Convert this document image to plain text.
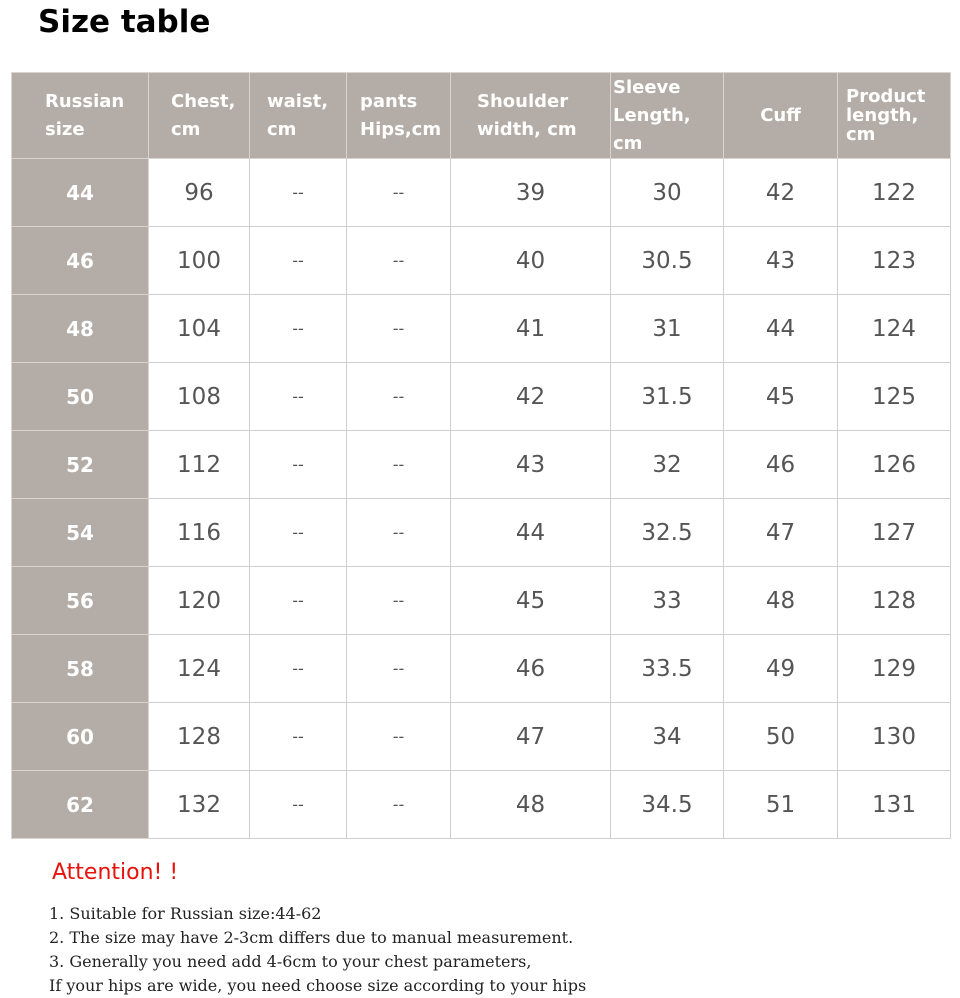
Size table
Russian size	Chest, cm	waist, cm	pants Hips,cm	Shoulder width, cm	Sleeve Length, cm	Cuff	Product length, cm
44	96	--	--	39	30	42	122
46	100	--	--	40	30.5	43	123
48	104	--	--	41	31	44	124
50	108	--	--	42	31.5	45	125
52	112	--	--	43	32	46	126
54	116	--	--	44	32.5	47	127
56	120	--	--	45	33	48	128
58	124	--	--	46	33.5	49	129
60	128	--	--	47	34	50	130
62	132	--	--	48	34.5	51	131
Attention! !
1. Suitable for Russian size:44-62
2. The size may have 2-3cm differs due to manual measurement.
3. Generally you need add 4-6cm to your chest parameters,
If your hips are wide, you need choose size according to your hips
